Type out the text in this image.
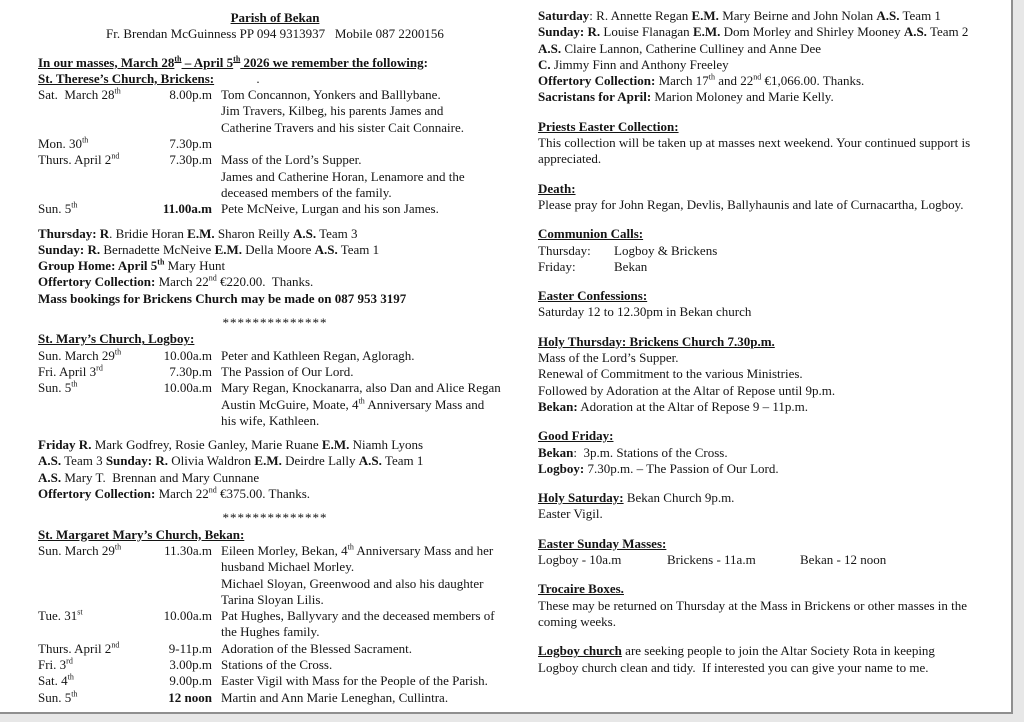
Parish of Bekan
Fr. Brendan McGuinness PP 094 9313937   Mobile 087 2200156
In our masses, March 28th – April 5th 2026 we remember the following:
St. Therese’s Church, Brickens:             .
Sat.  March 28th	8.00p.m Tom Concannon, Yonkers and Balllybane.
Jim Travers, Kilbeg, his parents James and
Catherine Travers and his sister Cait Connaire.
Mon. 30th	7.30p.m
Thurs. April 2nd	7.30p.m Mass of the Lord’s Supper.
James and Catherine Horan, Lenamore and the
deceased members of the family.
Sun. 5th	11.00a.m Pete McNeive, Lurgan and his son James.
Thursday: R. Bridie Horan E.M. Sharon Reilly A.S. Team 3
Sunday: R. Bernadette McNeive E.M. Della Moore A.S. Team 1
Group Home: April 5th Mary Hunt
Offertory Collection: March 22nd €220.00.  Thanks.
Mass bookings for Brickens Church may be made on 087 953 3197
**************
St. Mary’s Church, Logboy:
Sun. March 29th	10.00a.m Peter and Kathleen Regan, Agloragh.
Fri. April 3rd	7.30p.m The Passion of Our Lord.
Sun. 5th	10.00a.m Mary Regan, Knockanarra, also Dan and Alice Regan
Austin McGuire, Moate, 4th Anniversary Mass and
his wife, Kathleen.
Friday R. Mark Godfrey, Rosie Ganley, Marie Ruane E.M. Niamh Lyons
A.S. Team 3 Sunday: R. Olivia Waldron E.M. Deirdre Lally A.S. Team 1
A.S. Mary T.  Brennan and Mary Cunnane
Offertory Collection: March 22nd €375.00. Thanks.
**************
St. Margaret Mary’s Church, Bekan:
Sun. March 29th	11.30a.m Eileen Morley, Bekan, 4th Anniversary Mass and her
husband Michael Morley.
Michael Sloyan, Greenwood and also his daughter
Tarina Sloyan Lilis.
Tue. 31st	10.00a.m Pat Hughes, Ballyvary and the deceased members of
the Hughes family.
Thurs. April 2nd	9-11p.m Adoration of the Blessed Sacrament.
Fri. 3rd	3.00p.m Stations of the Cross.
Sat. 4th	9.00p.m Easter Vigil with Mass for the People of the Parish.
Sun. 5th	12 noon Martin and Ann Marie Leneghan, Cullintra.
Saturday: R. Annette Regan E.M. Mary Beirne and John Nolan A.S. Team 1
Sunday: R. Louise Flanagan E.M. Dom Morley and Shirley Mooney A.S. Team 2
A.S. Claire Lannon, Catherine Culliney and Anne Dee
C. Jimmy Finn and Anthony Freeley
Offertory Collection: March 17th and 22nd €1,066.00. Thanks.
Sacristans for April: Marion Moloney and Marie Kelly.
Priests Easter Collection:
This collection will be taken up at masses next weekend. Your continued support is
appreciated.
Death:
Please pray for John Regan, Devlis, Ballyhaunis and late of Curnacartha, Logboy.
Communion Calls:
Thursday:	Logboy & Brickens
Friday:	Bekan
Easter Confessions:
Saturday 12 to 12.30pm in Bekan church
Holy Thursday: Brickens Church 7.30p.m.
Mass of the Lord’s Supper.
Renewal of Commitment to the various Ministries.
Followed by Adoration at the Altar of Repose until 9p.m.
Bekan: Adoration at the Altar of Repose 9 – 11p.m.
Good Friday:
Bekan:  3p.m. Stations of the Cross.
Logboy: 7.30p.m. – The Passion of Our Lord.
Holy Saturday: Bekan Church 9p.m.
Easter Vigil.
Easter Sunday Masses:
Logboy - 10a.m	Brickens - 11a.m	Bekan - 12 noon
Trocaire Boxes.
These may be returned on Thursday at the Mass in Brickens or other masses in the
coming weeks.
Logboy church are seeking people to join the Altar Society Rota in keeping
Logboy church clean and tidy.  If interested you can give your name to me.
